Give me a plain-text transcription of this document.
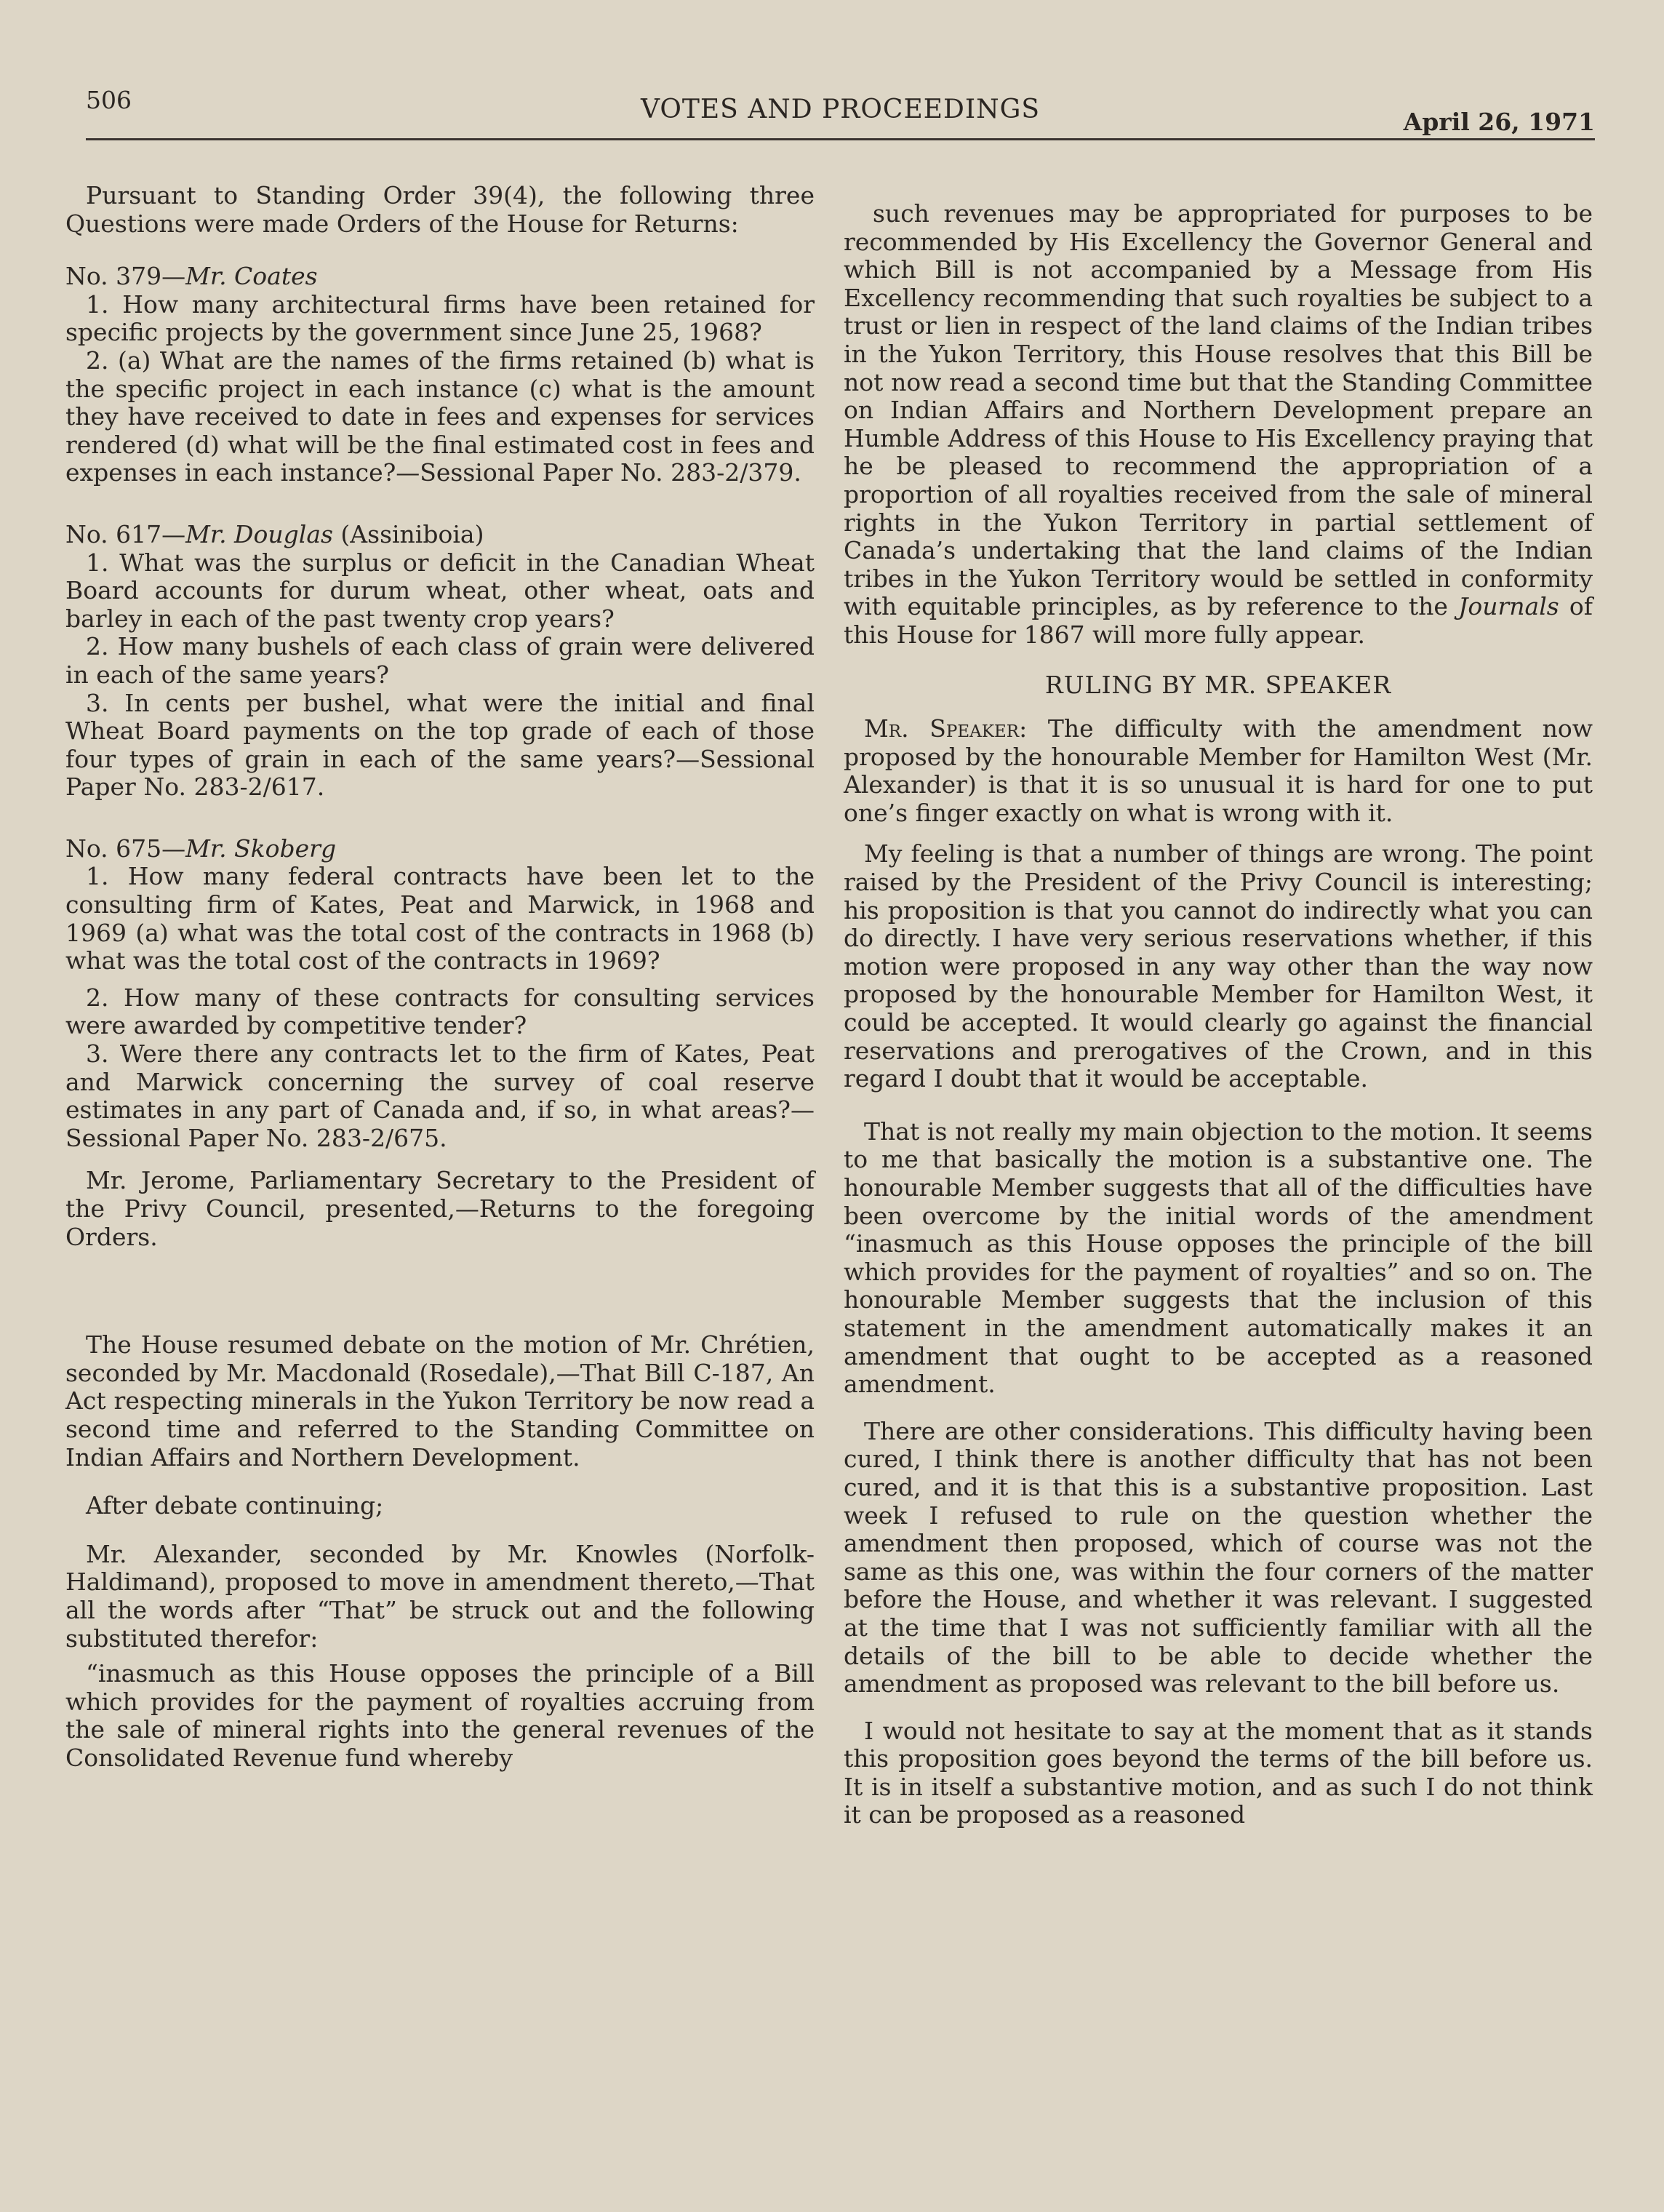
506	VOTES AND PROCEEDINGS	April 26, 1971

Pursuant to Standing Order 39(4), the following three Questions were made Orders of the House for Returns:

No. 379—Mr. Coates

1. How many architectural firms have been retained for specific projects by the government since June 25, 1968?

2. (a) What are the names of the firms retained (b) what is the specific project in each instance (c) what is the amount they have received to date in fees and expenses for services rendered (d) what will be the final estimated cost in fees and expenses in each instance?—Sessional Paper No. 283-2/379.

No. 617—Mr. Douglas (Assiniboia)

1. What was the surplus or deficit in the Canadian Wheat Board accounts for durum wheat, other wheat, oats and barley in each of the past twenty crop years?

2. How many bushels of each class of grain were delivered in each of the same years?

3. In cents per bushel, what were the initial and final Wheat Board payments on the top grade of each of those four types of grain in each of the same years?—Sessional Paper No. 283-2/617.

No. 675—Mr. Skoberg

1. How many federal contracts have been let to the consulting firm of Kates, Peat and Marwick, in 1968 and 1969 (a) what was the total cost of the contracts in 1968 (b) what was the total cost of the contracts in 1969?

2. How many of these contracts for consulting services were awarded by competitive tender?

3. Were there any contracts let to the firm of Kates, Peat and Marwick concerning the survey of coal reserve estimates in any part of Canada and, if so, in what areas?—Sessional Paper No. 283-2/675.

Mr. Jerome, Parliamentary Secretary to the President of the Privy Council, presented,—Returns to the foregoing Orders.

The House resumed debate on the motion of Mr. Chrétien, seconded by Mr. Macdonald (Rosedale),—That Bill C-187, An Act respecting minerals in the Yukon Territory be now read a second time and referred to the Standing Committee on Indian Affairs and Northern Development.

After debate continuing;

Mr. Alexander, seconded by Mr. Knowles (Norfolk-Haldimand), proposed to move in amendment thereto,—That all the words after “That” be struck out and the following substituted therefor:

“inasmuch as this House opposes the principle of a Bill which provides for the payment of royalties accruing from the sale of mineral rights into the general revenues of the Consolidated Revenue fund whereby

such revenues may be appropriated for purposes to be recommended by His Excellency the Governor General and which Bill is not accompanied by a Message from His Excellency recommending that such royalties be subject to a trust or lien in respect of the land claims of the Indian tribes in the Yukon Territory, this House resolves that this Bill be not now read a second time but that the Standing Committee on Indian Affairs and Northern Development prepare an Humble Address of this House to His Excellency praying that he be pleased to recommend the appropriation of a proportion of all royalties received from the sale of mineral rights in the Yukon Territory in partial settlement of Canada’s undertaking that the land claims of the Indian tribes in the Yukon Territory would be settled in conformity with equitable principles, as by reference to the Journals of this House for 1867 will more fully appear.

RULING BY MR. SPEAKER

Mr. Speaker: The difficulty with the amendment now proposed by the honourable Member for Hamilton West (Mr. Alexander) is that it is so unusual it is hard for one to put one’s finger exactly on what is wrong with it.

My feeling is that a number of things are wrong. The point raised by the President of the Privy Council is interesting; his proposition is that you cannot do indirectly what you can do directly. I have very serious reservations whether, if this motion were proposed in any way other than the way now proposed by the honourable Member for Hamilton West, it could be accepted. It would clearly go against the financial reservations and prerogatives of the Crown, and in this regard I doubt that it would be acceptable.

That is not really my main objection to the motion. It seems to me that basically the motion is a substantive one. The honourable Member suggests that all of the difficulties have been overcome by the initial words of the amendment “inasmuch as this House opposes the principle of the bill which provides for the payment of royalties” and so on. The honourable Member suggests that the inclusion of this statement in the amendment automatically makes it an amendment that ought to be accepted as a reasoned amendment.

There are other considerations. This difficulty having been cured, I think there is another difficulty that has not been cured, and it is that this is a substantive proposition. Last week I refused to rule on the question whether the amendment then proposed, which of course was not the same as this one, was within the four corners of the matter before the House, and whether it was relevant. I suggested at the time that I was not sufficiently familiar with all the details of the bill to be able to decide whether the amendment as proposed was relevant to the bill before us.

I would not hesitate to say at the moment that as it stands this proposition goes beyond the terms of the bill before us. It is in itself a substantive motion, and as such I do not think it can be proposed as a reasoned
